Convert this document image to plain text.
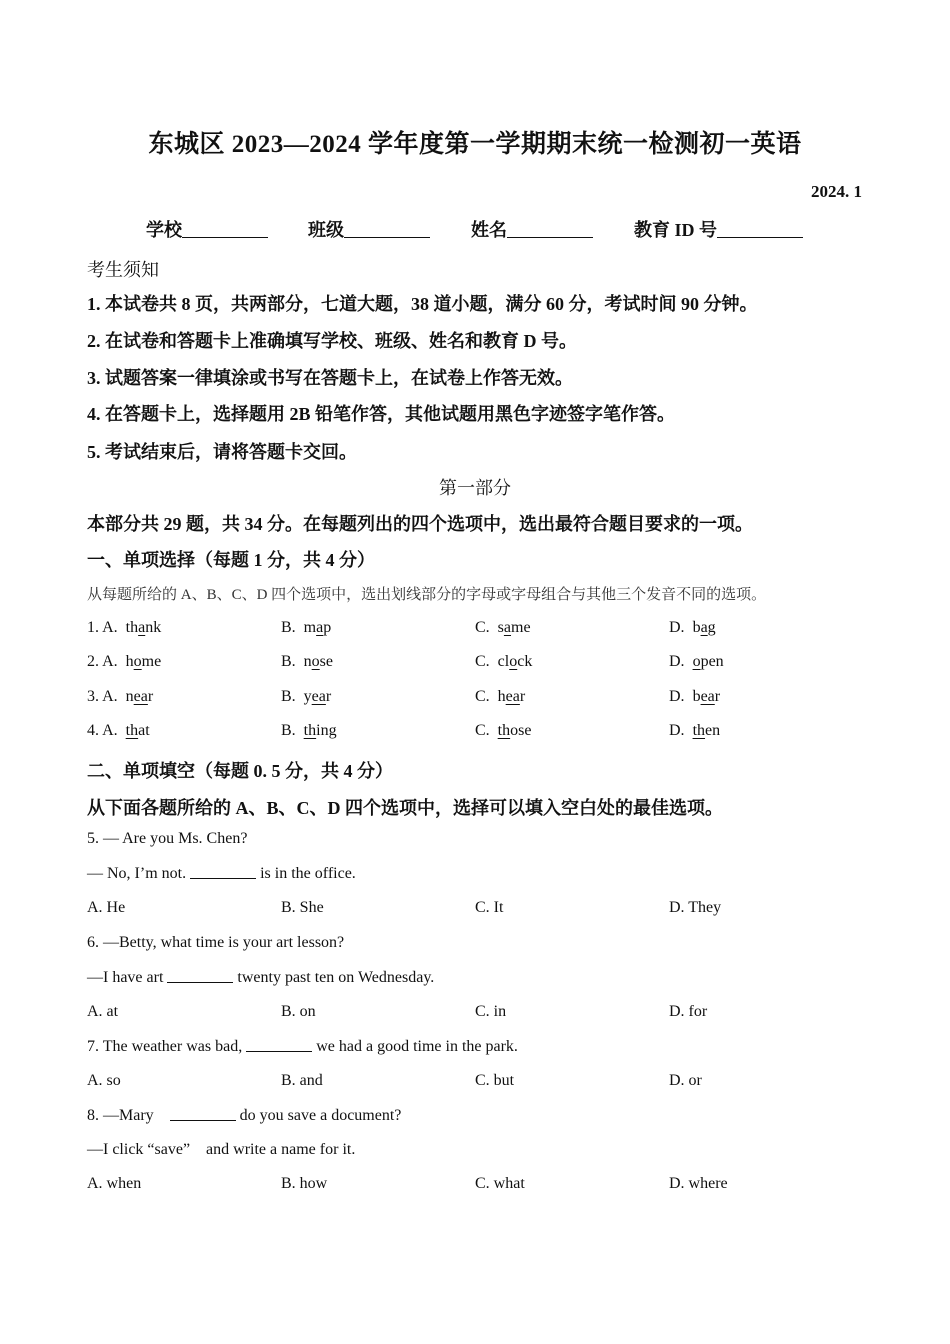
东城区 2023—2024 学年度第一学期期末统一检测初一英语
2024. 1
学校	班级	姓名	教育 ID 号
考生须知
1. 本试卷共 8 页，共两部分，七道大题，38 道小题，满分 60 分，考试时间 90 分钟。
2. 在试卷和答题卡上准确填写学校、班级、姓名和教育 D 号。
3. 试题答案一律填涂或书写在答题卡上，在试卷上作答无效。
4. 在答题卡上，选择题用 2B 铅笔作答，其他试题用黑色字迹签字笔作答。
5. 考试结束后，请将答题卡交回。
第一部分
本部分共 29 题，共 34 分。在每题列出的四个选项中，选出最符合题目要求的一项。
一、单项选择（每题 1 分，共 4 分）
从每题所给的 A、B、C、D 四个选项中，选出划线部分的字母或字母组合与其他三个发音不同的选项。
1. A.  thank	B.  map	C.  same	D.  bag
2. A.  home	B.  nose	C.  clock	D.  open
3. A.  near	B.  year	C.  hear	D.  bear
4. A.  that	B.  thing	C.  those	D.  then
二、单项填空（每题 0. 5 分，共 4 分）
从下面各题所给的 A、B、C、D 四个选项中，选择可以填入空白处的最佳选项。
5. — Are you Ms. Chen?
— No, I’m not.	is in the office.
A. He	B. She	C. It	D. They
6. —Betty, what time is your art lesson?
—I have art	twenty past ten on Wednesday.
A. at	B. on	C. in	D. for
7. The weather was bad,	we had a good time in the park.
A. so	B. and	C. but	D. or
8. —Mary	do you save a document?
—I click “save”    and write a name for it.
A. when	B. how	C. what	D. where
